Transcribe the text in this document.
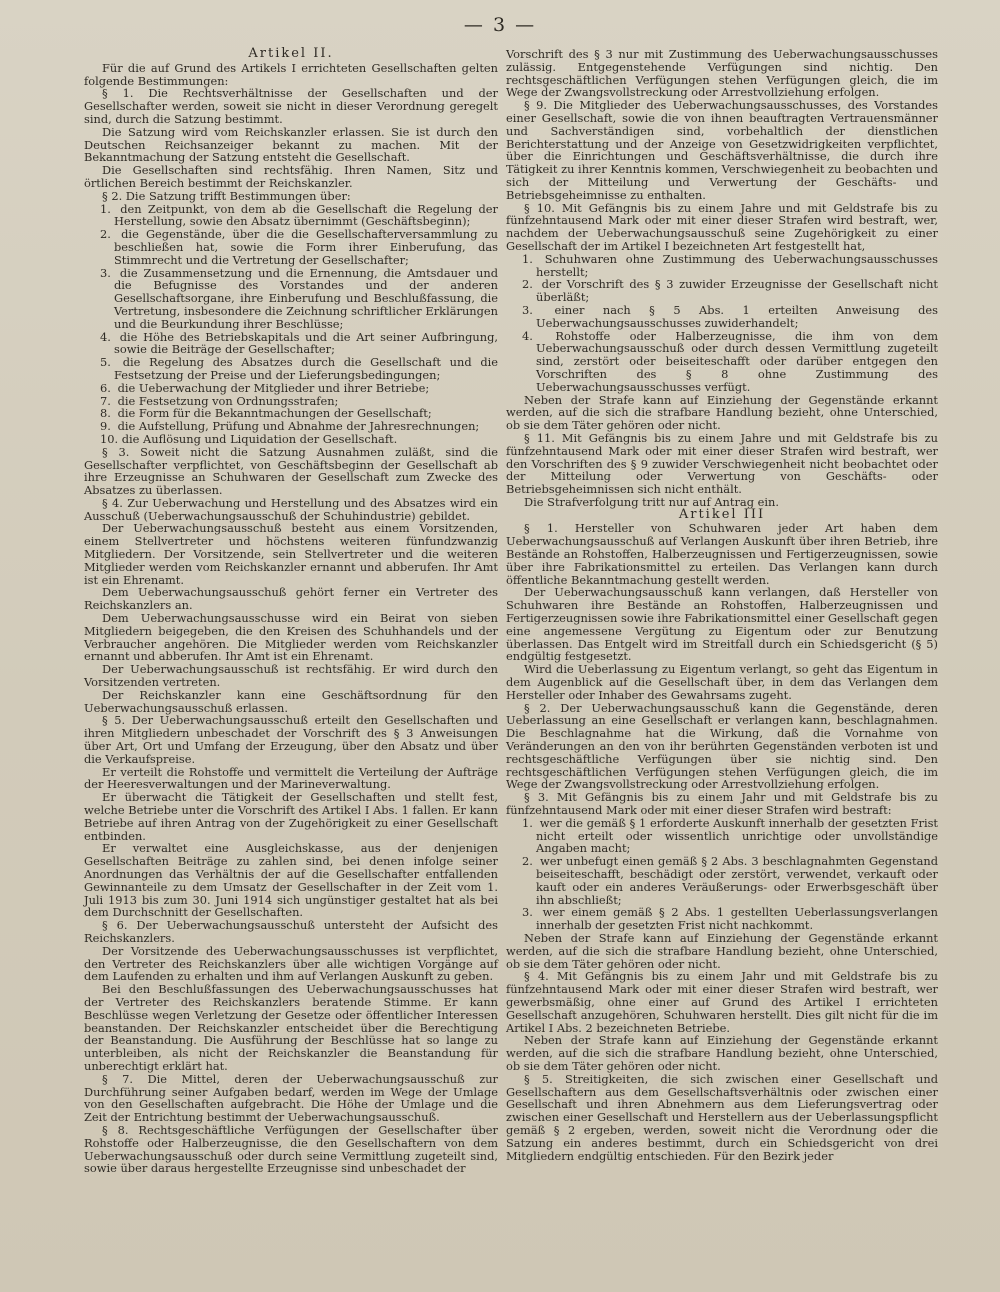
— 3 —
Artikel II.

Für die auf Grund des Artikels I errichteten Gesellschaften gelten folgende Bestimmungen:

§ 1. Die Rechtsverhältnisse der Gesellschaften und der Gesellschafter werden, soweit sie nicht in dieser Verordnung geregelt sind, durch die Satzung bestimmt.

Die Satzung wird vom Reichskanzler erlassen. Sie ist durch den Deutschen Reichsanzeiger bekannt zu machen. Mit der Bekanntmachung der Satzung entsteht die Gesellschaft.

Die Gesellschaften sind rechtsfähig. Ihren Namen, Sitz und örtlichen Bereich bestimmt der Reichskanzler.

§ 2. Die Satzung trifft Bestimmungen über:

1. den Zeitpunkt, von dem ab die Gesellschaft die Regelung der Herstellung, sowie den Absatz übernimmt (Geschäftsbeginn);
2. die Gegenstände, über die die Gesellschafterversammlung zu beschließen hat, sowie die Form ihrer Einberufung, das Stimmrecht und die Vertretung der Gesellschafter;
3. die Zusammensetzung und die Ernennung, die Amtsdauer und die Befugnisse des Vorstandes und der anderen Gesellschaftsorgane, ihre Einberufung und Beschlußfassung, die Vertretung, insbesondere die Zeichnung schriftlicher Erklärungen und die Beurkundung ihrer Beschlüsse;
4. die Höhe des Betriebskapitals und die Art seiner Aufbringung, sowie die Beiträge der Gesellschafter;
5. die Regelung des Absatzes durch die Gesellschaft und die Festsetzung der Preise und der Lieferungsbedingungen;
6. die Ueberwachung der Mitglieder und ihrer Betriebe;
7. die Festsetzung von Ordnungsstrafen;
8. die Form für die Bekanntmachungen der Gesellschaft;
9. die Aufstellung, Prüfung und Abnahme der Jahresrechnungen;
10. die Auflösung und Liquidation der Gesellschaft.

§ 3. Soweit nicht die Satzung Ausnahmen zuläßt, sind die Gesellschafter verpflichtet, von Geschäftsbeginn der Gesellschaft ab ihre Erzeugnisse an Schuhwaren der Gesellschaft zum Zwecke des Absatzes zu überlassen.

§ 4. Zur Ueberwachung und Herstellung und des Absatzes wird ein Ausschuß (Ueberwachungsausschuß der Schuhindustrie) gebildet.

Der Ueberwachungsausschuß besteht aus einem Vorsitzenden, einem Stellvertreter und höchstens weiteren fünfundzwanzig Mitgliedern. Der Vorsitzende, sein Stellvertreter und die weiteren Mitglieder werden vom Reichskanzler ernannt und abberufen. Ihr Amt ist ein Ehrenamt.

Dem Ueberwachungsausschuß gehört ferner ein Vertreter des Reichskanzlers an.

Dem Ueberwachungsausschusse wird ein Beirat von sieben Mitgliedern beigegeben, die den Kreisen des Schuhhandels und der Verbraucher angehören. Die Mitglieder werden vom Reichskanzler ernannt und abberufen. Ihr Amt ist ein Ehrenamt.

Der Ueberwachungsausschuß ist rechtsfähig. Er wird durch den Vorsitzenden vertreten.

Der Reichskanzler kann eine Geschäftsordnung für den Ueberwachungsausschuß erlassen.

§ 5. Der Ueberwachungsausschuß erteilt den Gesellschaften und ihren Mitgliedern unbeschadet der Vorschrift des § 3 Anweisungen über Art, Ort und Umfang der Erzeugung, über den Absatz und über die Verkaufspreise.

Er verteilt die Rohstoffe und vermittelt die Verteilung der Aufträge der Heeresverwaltungen und der Marineverwaltung.

Er überwacht die Tätigkeit der Gesellschaften und stellt fest, welche Betriebe unter die Vorschrift des Artikel I Abs. 1 fallen. Er kann Betriebe auf ihren Antrag von der Zugehörigkeit zu einer Gesellschaft entbinden.

Er verwaltet eine Ausgleichskasse, aus der denjenigen Gesellschaften Beiträge zu zahlen sind, bei denen infolge seiner Anordnungen das Verhältnis der auf die Gesellschafter entfallenden Gewinnanteile zu dem Umsatz der Gesellschafter in der Zeit vom 1. Juli 1913 bis zum 30. Juni 1914 sich ungünstiger gestaltet hat als bei dem Durchschnitt der Gesellschaften.

§ 6. Der Ueberwachungsausschuß untersteht der Aufsicht des Reichskanzlers.

Der Vorsitzende des Ueberwachungsausschusses ist verpflichtet, den Vertreter des Reichskanzlers über alle wichtigen Vorgänge auf dem Laufenden zu erhalten und ihm auf Verlangen Auskunft zu geben.

Bei den Beschlußfassungen des Ueberwachungsausschusses hat der Vertreter des Reichskanzlers beratende Stimme. Er kann Beschlüsse wegen Verletzung der Gesetze oder öffentlicher Interessen beanstanden. Der Reichskanzler entscheidet über die Berechtigung der Beanstandung. Die Ausführung der Beschlüsse hat so lange zu unterbleiben, als nicht der Reichskanzler die Beanstandung für unberechtigt erklärt hat.

§ 7. Die Mittel, deren der Ueberwachungsausschuß zur Durchführung seiner Aufgaben bedarf, werden im Wege der Umlage von den Gesellschaften aufgebracht. Die Höhe der Umlage und die Zeit der Entrichtung bestimmt der Ueberwachungsausschuß.

§ 8. Rechtsgeschäftliche Verfügungen der Gesellschafter über Rohstoffe oder Halberzeugnisse, die den Gesellschaftern von dem Ueberwachungsausschuß oder durch seine Vermittlung zugeteilt sind, sowie über daraus hergestellte Erzeugnisse sind unbeschadet der

Vorschrift des § 3 nur mit Zustimmung des Ueberwachungsausschusses zulässig. Entgegenstehende Verfügungen sind nichtig. Den rechtsgeschäftlichen Verfügungen stehen Verfügungen gleich, die im Wege der Zwangsvollstreckung oder Arrestvollziehung erfolgen.

§ 9. Die Mitglieder des Ueberwachungsausschusses, des Vorstandes einer Gesellschaft, sowie die von ihnen beauftragten Vertrauensmänner und Sachverständigen sind, vorbehaltlich der dienstlichen Berichterstattung und der Anzeige von Gesetzwidrigkeiten verpflichtet, über die Einrichtungen und Geschäftsverhältnisse, die durch ihre Tätigkeit zu ihrer Kenntnis kommen, Verschwiegenheit zu beobachten und sich der Mitteilung und Verwertung der Geschäfts- und Betriebsgeheimnisse zu enthalten.

§ 10. Mit Gefängnis bis zu einem Jahre und mit Geldstrafe bis zu fünfzehntausend Mark oder mit einer dieser Strafen wird bestraft, wer, nachdem der Ueberwachungsausschuß seine Zugehörigkeit zu einer Gesellschaft der im Artikel I bezeichneten Art festgestellt hat,

1. Schuhwaren ohne Zustimmung des Ueberwachungsausschusses herstellt;
2. der Vorschrift des § 3 zuwider Erzeugnisse der Gesellschaft nicht überläßt;
3. einer nach § 5 Abs. 1 erteilten Anweisung des Ueberwachungsausschusses zuwiderhandelt;
4. Rohstoffe oder Halberzeugnisse, die ihm von dem Ueberwachungsausschuß oder durch dessen Vermittlung zugeteilt sind, zerstört oder beiseiteschafft oder darüber entgegen den Vorschriften des § 8 ohne Zustimmung des Ueberwachungsausschusses verfügt.

Neben der Strafe kann auf Einziehung der Gegenstände erkannt werden, auf die sich die strafbare Handlung bezieht, ohne Unterschied, ob sie dem Täter gehören oder nicht.

§ 11. Mit Gefängnis bis zu einem Jahre und mit Geldstrafe bis zu fünfzehntausend Mark oder mit einer dieser Strafen wird bestraft, wer den Vorschriften des § 9 zuwider Verschwiegenheit nicht beobachtet oder der Mitteilung oder Verwertung von Geschäfts- oder Betriebsgeheimnissen sich nicht enthält.

Die Strafverfolgung tritt nur auf Antrag ein.

Artikel III

§ 1. Hersteller von Schuhwaren jeder Art haben dem Ueberwachungsausschuß auf Verlangen Auskunft über ihren Betrieb, ihre Bestände an Rohstoffen, Halberzeugnissen und Fertigerzeugnissen, sowie über ihre Fabrikationsmittel zu erteilen. Das Verlangen kann durch öffentliche Bekanntmachung gestellt werden.

Der Ueberwachungsausschuß kann verlangen, daß Hersteller von Schuhwaren ihre Bestände an Rohstoffen, Halberzeugnissen und Fertigerzeugnissen sowie ihre Fabrikationsmittel einer Gesellschaft gegen eine angemessene Vergütung zu Eigentum oder zur Benutzung überlassen. Das Entgelt wird im Streitfall durch ein Schiedsgericht (§ 5) endgültig festgesetzt.

Wird die Ueberlassung zu Eigentum verlangt, so geht das Eigentum in dem Augenblick auf die Gesellschaft über, in dem das Verlangen dem Hersteller oder Inhaber des Gewahrsams zugeht.

§ 2. Der Ueberwachungsausschuß kann die Gegenstände, deren Ueberlassung an eine Gesellschaft er verlangen kann, beschlagnahmen. Die Beschlagnahme hat die Wirkung, daß die Vornahme von Veränderungen an den von ihr berührten Gegenständen verboten ist und rechtsgeschäftliche Verfügungen über sie nichtig sind. Den rechtsgeschäftlichen Verfügungen stehen Verfügungen gleich, die im Wege der Zwangsvollstreckung oder Arrestvollziehung erfolgen.

§ 3. Mit Gefängnis bis zu einem Jahr und mit Geldstrafe bis zu fünfzehntausend Mark oder mit einer dieser Strafen wird bestraft:

1. wer die gemäß § 1 erforderte Auskunft innerhalb der gesetzten Frist nicht erteilt oder wissentlich unrichtige oder unvollständige Angaben macht;
2. wer unbefugt einen gemäß § 2 Abs. 3 beschlagnahmten Gegenstand beiseiteschafft, beschädigt oder zerstört, verwendet, verkauft oder kauft oder ein anderes Veräußerungs- oder Erwerbsgeschäft über ihn abschließt;
3. wer einem gemäß § 2 Abs. 1 gestellten Ueberlassungsverlangen innerhalb der gesetzten Frist nicht nachkommt.

Neben der Strafe kann auf Einziehung der Gegenstände erkannt werden, auf die sich die strafbare Handlung bezieht, ohne Unterschied, ob sie dem Täter gehören oder nicht.

§ 4. Mit Gefängnis bis zu einem Jahr und mit Geldstrafe bis zu fünfzehntausend Mark oder mit einer dieser Strafen wird bestraft, wer gewerbsmäßig, ohne einer auf Grund des Artikel I errichteten Gesellschaft anzugehören, Schuhwaren herstellt. Dies gilt nicht für die im Artikel I Abs. 2 bezeichneten Betriebe.

Neben der Strafe kann auf Einziehung der Gegenstände erkannt werden, auf die sich die strafbare Handlung bezieht, ohne Unterschied, ob sie dem Täter gehören oder nicht.

§ 5. Streitigkeiten, die sich zwischen einer Gesellschaft und Gesellschaftern aus dem Gesellschaftsverhältnis oder zwischen einer Gesellschaft und ihren Abnehmern aus dem Lieferungsvertrag oder zwischen einer Gesellschaft und Herstellern aus der Ueberlassungspflicht gemäß § 2 ergeben, werden, soweit nicht die Verordnung oder die Satzung ein anderes bestimmt, durch ein Schiedsgericht von drei Mitgliedern endgültig entschieden. Für den Bezirk jeder
